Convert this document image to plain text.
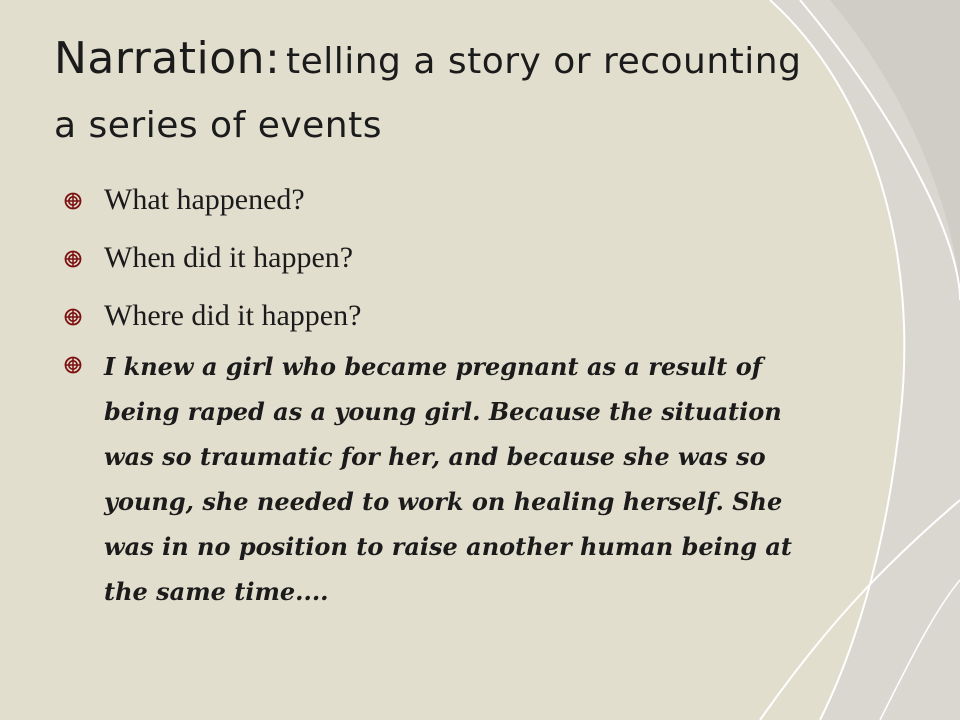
Narration: telling a story or recounting a series of events
What happened?
When did it happen?
Where did it happen?
I knew a girl who became pregnant as a result of being raped as a young girl. Because the situation was so traumatic for her, and because she was so young, she needed to work on healing herself. She was in no position to raise another human being at the same time....
